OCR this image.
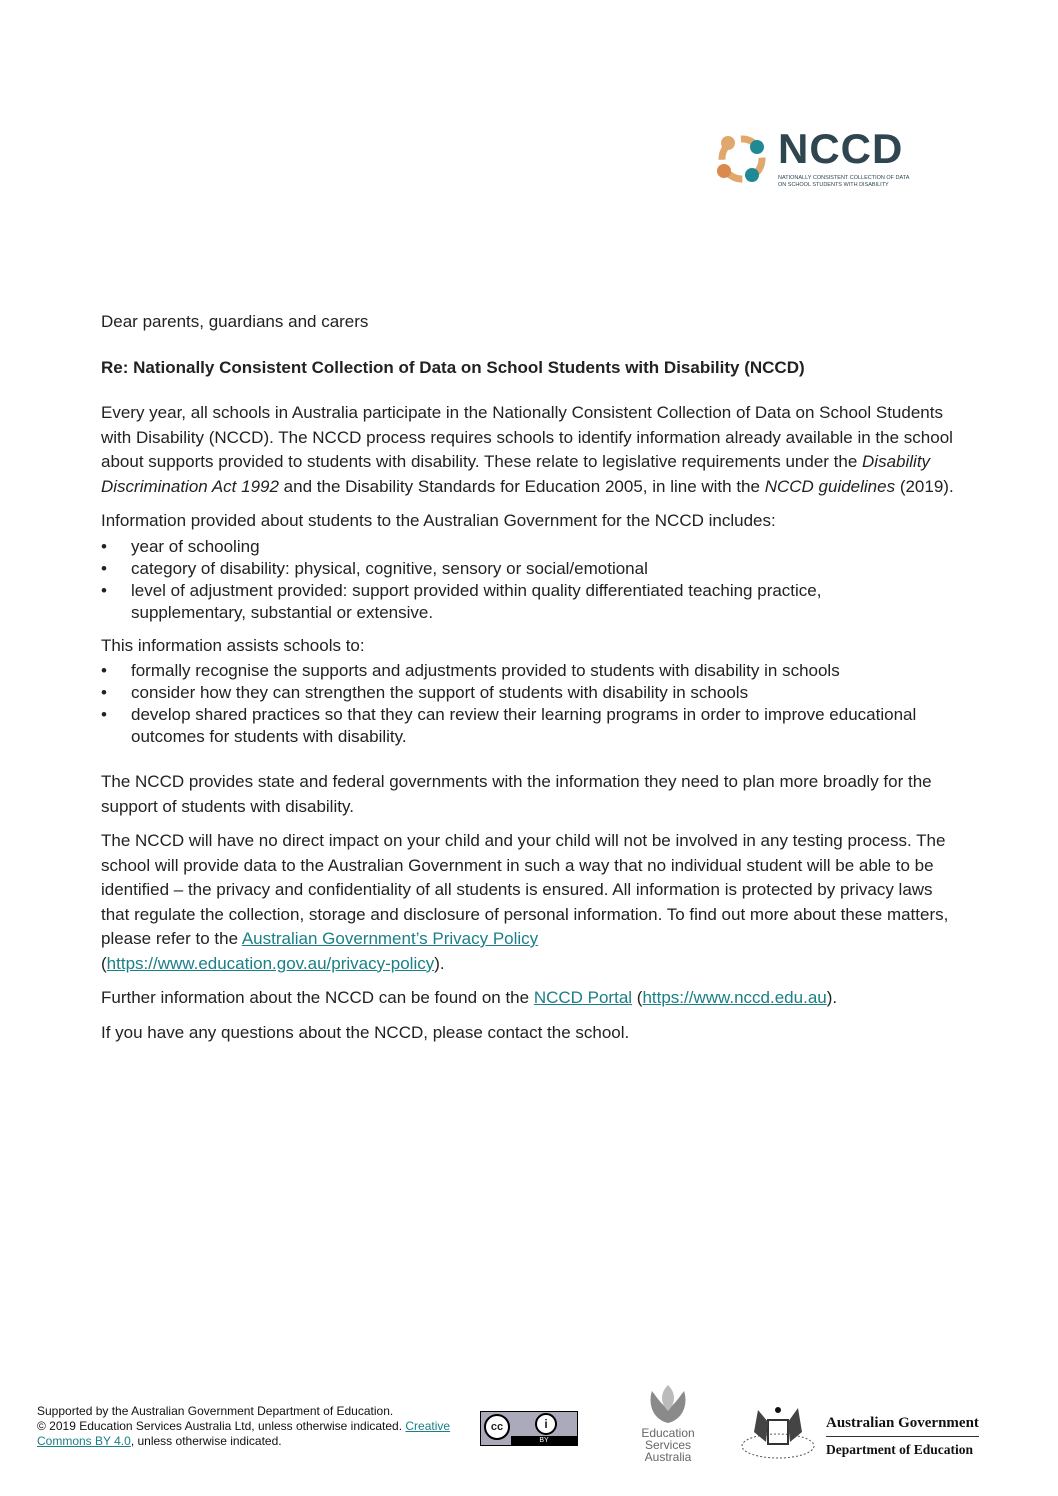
NCCD
NATIONALLY CONSISTENT COLLECTION OF DATA ON SCHOOL STUDENTS WITH DISABILITY

Dear parents, guardians and carers

Re: Nationally Consistent Collection of Data on School Students with Disability (NCCD)

Every year, all schools in Australia participate in the Nationally Consistent Collection of Data on School Students with Disability (NCCD). The NCCD process requires schools to identify information already available in the school about supports provided to students with disability. These relate to legislative requirements under the Disability Discrimination Act 1992 and the Disability Standards for Education 2005, in line with the NCCD guidelines (2019).

Information provided about students to the Australian Government for the NCCD includes:
• year of schooling
• category of disability: physical, cognitive, sensory or social/emotional
• level of adjustment provided: support provided within quality differentiated teaching practice, supplementary, substantial or extensive.
This information assists schools to:
• formally recognise the supports and adjustments provided to students with disability in schools
• consider how they can strengthen the support of students with disability in schools
• develop shared practices so that they can review their learning programs in order to improve educational outcomes for students with disability.

The NCCD provides state and federal governments with the information they need to plan more broadly for the support of students with disability.

The NCCD will have no direct impact on your child and your child will not be involved in any testing process. The school will provide data to the Australian Government in such a way that no individual student will be able to be identified – the privacy and confidentiality of all students is ensured. All information is protected by privacy laws that regulate the collection, storage and disclosure of personal information. To find out more about these matters, please refer to the Australian Government’s Privacy Policy
(https://www.education.gov.au/privacy-policy).

Further information about the NCCD can be found on the NCCD Portal (https://www.nccd.edu.au).

If you have any questions about the NCCD, please contact the school.

Supported by the Australian Government Department of Education.
© 2019 Education Services Australia Ltd, unless otherwise indicated. Creative Commons BY 4.0, unless otherwise indicated.
cc	i
BY
Education
Services
Australia
Australian Government
Department of Education
